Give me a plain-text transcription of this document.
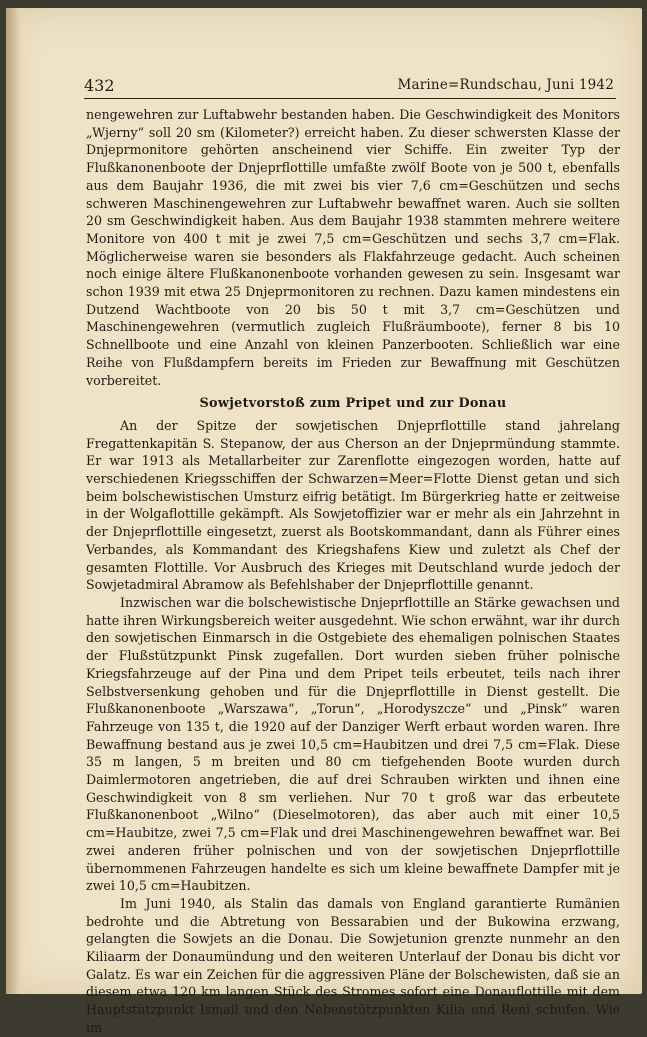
432	Marine=Rundschau, Juni 1942

nengewehren zur Luftabwehr bestanden haben. Die Geschwindigkeit des Monitors „Wjerny“ soll 20 sm (Kilometer?) erreicht haben. Zu dieser schwersten Klasse der Dnjeprmonitore gehörten anscheinend vier Schiffe. Ein zweiter Typ der Flußkanonenboote der Dnjeprflottille umfaßte zwölf Boote von je 500 t, ebenfalls aus dem Baujahr 1936, die mit zwei bis vier 7,6 cm=Geschützen und sechs schweren Maschinengewehren zur Luftabwehr bewaffnet waren. Auch sie sollten 20 sm Geschwindigkeit haben. Aus dem Baujahr 1938 stammten mehrere weitere Monitore von 400 t mit je zwei 7,5 cm=Geschützen und sechs 3,7 cm=Flak. Möglicherweise waren sie besonders als Flakfahrzeuge gedacht. Auch scheinen noch einige ältere Flußkanonenboote vorhanden gewesen zu sein. Insgesamt war schon 1939 mit etwa 25 Dnjeprmonitoren zu rechnen. Dazu kamen mindestens ein Dutzend Wachtboote von 20 bis 50 t mit 3,7 cm=Geschützen und Maschinengewehren (vermutlich zugleich Flußräumboote), ferner 8 bis 10 Schnellboote und eine Anzahl von kleinen Panzerbooten. Schließlich war eine Reihe von Flußdampfern bereits im Frieden zur Bewaffnung mit Geschützen vorbereitet.

Sowjetvorstoß zum Pripet und zur Donau

An der Spitze der sowjetischen Dnjeprflottille stand jahrelang Fregattenkapitän S. Stepanow, der aus Cherson an der Dnjeprmündung stammte. Er war 1913 als Metallarbeiter zur Zarenflotte eingezogen worden, hatte auf verschiedenen Kriegsschiffen der Schwarzen=Meer=Flotte Dienst getan und sich beim bolschewistischen Umsturz eifrig betätigt. Im Bürgerkrieg hatte er zeitweise in der Wolgaflottille gekämpft. Als Sowjetoffizier war er mehr als ein Jahrzehnt in der Dnjeprflottille eingesetzt, zuerst als Bootskommandant, dann als Führer eines Verbandes, als Kommandant des Kriegshafens Kiew und zuletzt als Chef der gesamten Flottille. Vor Ausbruch des Krieges mit Deutschland wurde jedoch der Sowjetadmiral Abramow als Befehlshaber der Dnjeprflottille genannt.

Inzwischen war die bolschewistische Dnjeprflottille an Stärke gewachsen und hatte ihren Wirkungsbereich weiter ausgedehnt. Wie schon erwähnt, war ihr durch den sowjetischen Einmarsch in die Ostgebiete des ehemaligen polnischen Staates der Flußstützpunkt Pinsk zugefallen. Dort wurden sieben früher polnische Kriegsfahrzeuge auf der Pina und dem Pripet teils erbeutet, teils nach ihrer Selbstversenkung gehoben und für die Dnjeprflottille in Dienst gestellt. Die Flußkanonenboote „Warszawa“, „Torun“, „Horodyszcze“ und „Pinsk“ waren Fahrzeuge von 135 t, die 1920 auf der Danziger Werft erbaut worden waren. Ihre Bewaffnung bestand aus je zwei 10,5 cm=Haubitzen und drei 7,5 cm=Flak. Diese 35 m langen, 5 m breiten und 80 cm tiefgehenden Boote wurden durch Daimlermotoren angetrieben, die auf drei Schrauben wirkten und ihnen eine Geschwindigkeit von 8 sm verliehen. Nur 70 t groß war das erbeutete Flußkanonenboot „Wilno“ (Dieselmotoren), das aber auch mit einer 10,5 cm=Haubitze, zwei 7,5 cm=Flak und drei Maschinengewehren bewaffnet war. Bei zwei anderen früher polnischen und von der sowjetischen Dnjeprflottille übernommenen Fahrzeugen handelte es sich um kleine bewaffnete Dampfer mit je zwei 10,5 cm=Haubitzen.

Im Juni 1940, als Stalin das damals von England garantierte Rumänien bedrohte und die Abtretung von Bessarabien und der Bukowina erzwang, gelangten die Sowjets an die Donau. Die Sowjetunion grenzte nunmehr an den Kiliaarm der Donaumündung und den weiteren Unterlauf der Donau bis dicht vor Galatz. Es war ein Zeichen für die aggressiven Pläne der Bolschewisten, daß sie an diesem etwa 120 km langen Stück des Stromes sofort eine Donauflottille mit dem Hauptstützpunkt Ismail und den Nebenstützpunkten Kilia und Reni schufen. Wie im
